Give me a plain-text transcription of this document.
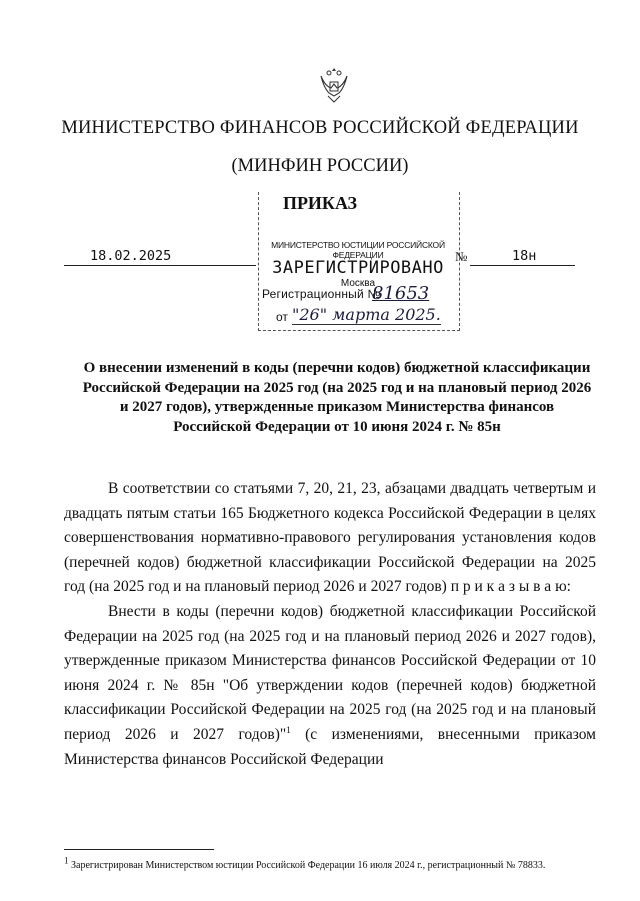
МИНИСТЕРСТВО ФИНАНСОВ РОССИЙСКОЙ ФЕДЕРАЦИИ
(МИНФИН РОССИИ)
ПРИКАЗ
МИНИСТЕРСТВО ЮСТИЦИИ РОССИЙСКОЙ ФЕДЕРАЦИИ
ЗАРЕГИСТРИРОВАНО
Москва
Регистрационный №
81653
от "26" марта 2025.
18.02.2025	№	18н
О внесении изменений в коды (перечни кодов) бюджетной классификации Российской Федерации на 2025 год (на 2025 год и на плановый период 2026 и 2027 годов), утвержденные приказом Министерства финансов Российской Федерации от 10 июня 2024 г. № 85н

В соответствии со статьями 7, 20, 21, 23, абзацами двадцать четвертым и двадцать пятым статьи 165 Бюджетного кодекса Российской Федерации в целях совершенствования нормативно-правового регулирования установления кодов (перечней кодов) бюджетной классификации Российской Федерации на 2025 год (на 2025 год и на плановый период 2026 и 2027 годов) п р и к а з ы в а ю:

Внести в коды (перечни кодов) бюджетной классификации Российской Федерации на 2025 год (на 2025 год и на плановый период 2026 и 2027 годов), утвержденные приказом Министерства финансов Российской Федерации от 10 июня 2024 г. № 85н "Об утверждении кодов (перечней кодов) бюджетной классификации Российской Федерации на 2025 год (на 2025 год и на плановый период 2026 и 2027 годов)"$^1$ (с изменениями, внесенными приказом Министерства финансов Российской Федерации

1 Зарегистрирован Министерством юстиции Российской Федерации 16 июля 2024 г., регистрационный № 78833.
